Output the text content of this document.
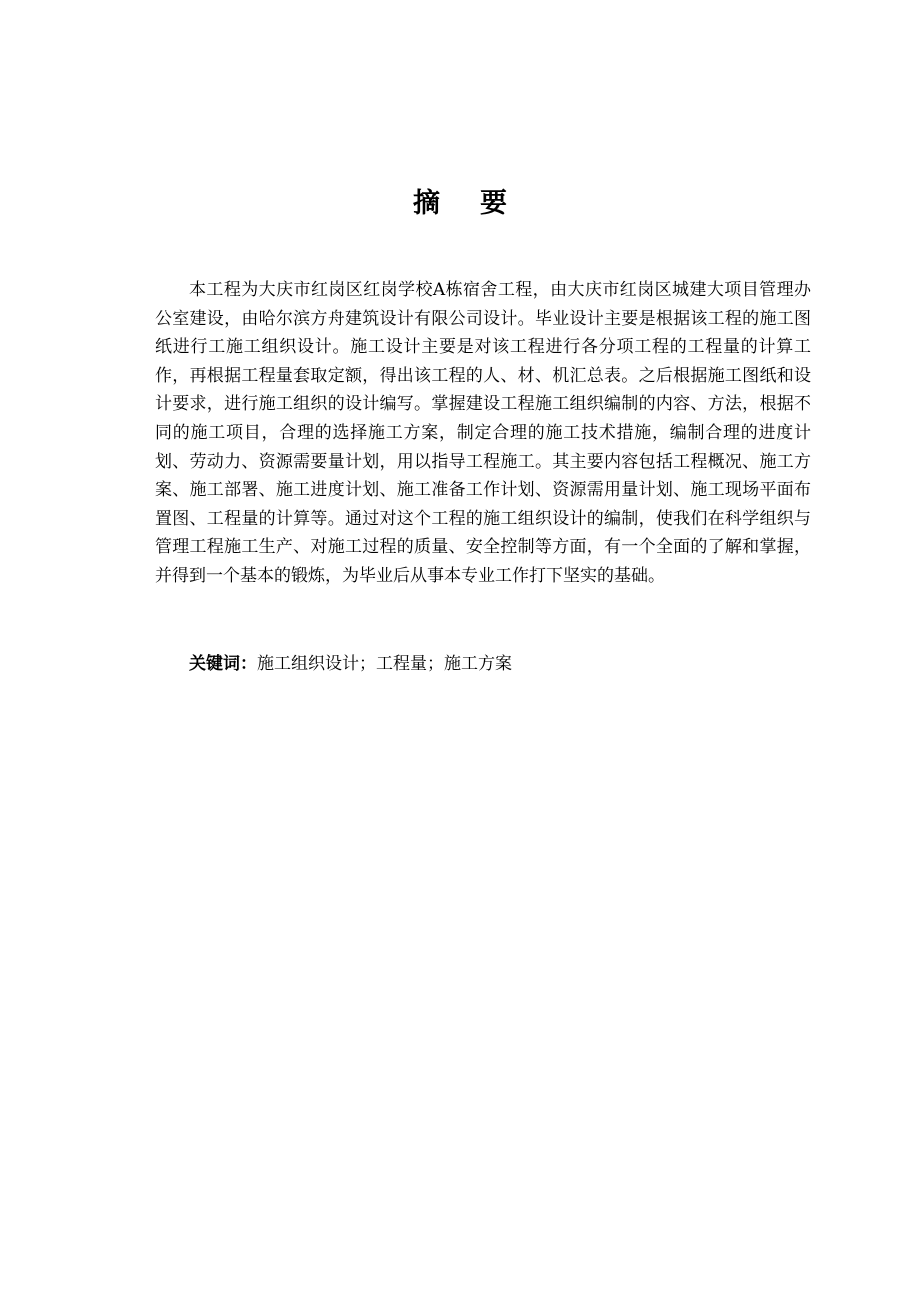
摘 要

本工程为大庆市红岗区红岗学校A栋宿舍工程，由大庆市红岗区城建大项目管理办公室建设，由哈尔滨方舟建筑设计有限公司设计。毕业设计主要是根据该工程的施工图纸进行工施工组织设计。施工设计主要是对该工程进行各分项工程的工程量的计算工作，再根据工程量套取定额，得出该工程的人、材、机汇总表。之后根据施工图纸和设计要求，进行施工组织的设计编写。掌握建设工程施工组织编制的内容、方法，根据不同的施工项目，合理的选择施工方案，制定合理的施工技术措施，编制合理的进度计划、劳动力、资源需要量计划，用以指导工程施工。其主要内容包括工程概况、施工方案、施工部署、施工进度计划、施工准备工作计划、资源需用量计划、施工现场平面布置图、工程量的计算等。通过对这个工程的施工组织设计的编制，使我们在科学组织与管理工程施工生产、对施工过程的质量、安全控制等方面，有一个全面的了解和掌握，并得到一个基本的锻炼，为毕业后从事本专业工作打下坚实的基础。

关键词：施工组织设计；工程量；施工方案
